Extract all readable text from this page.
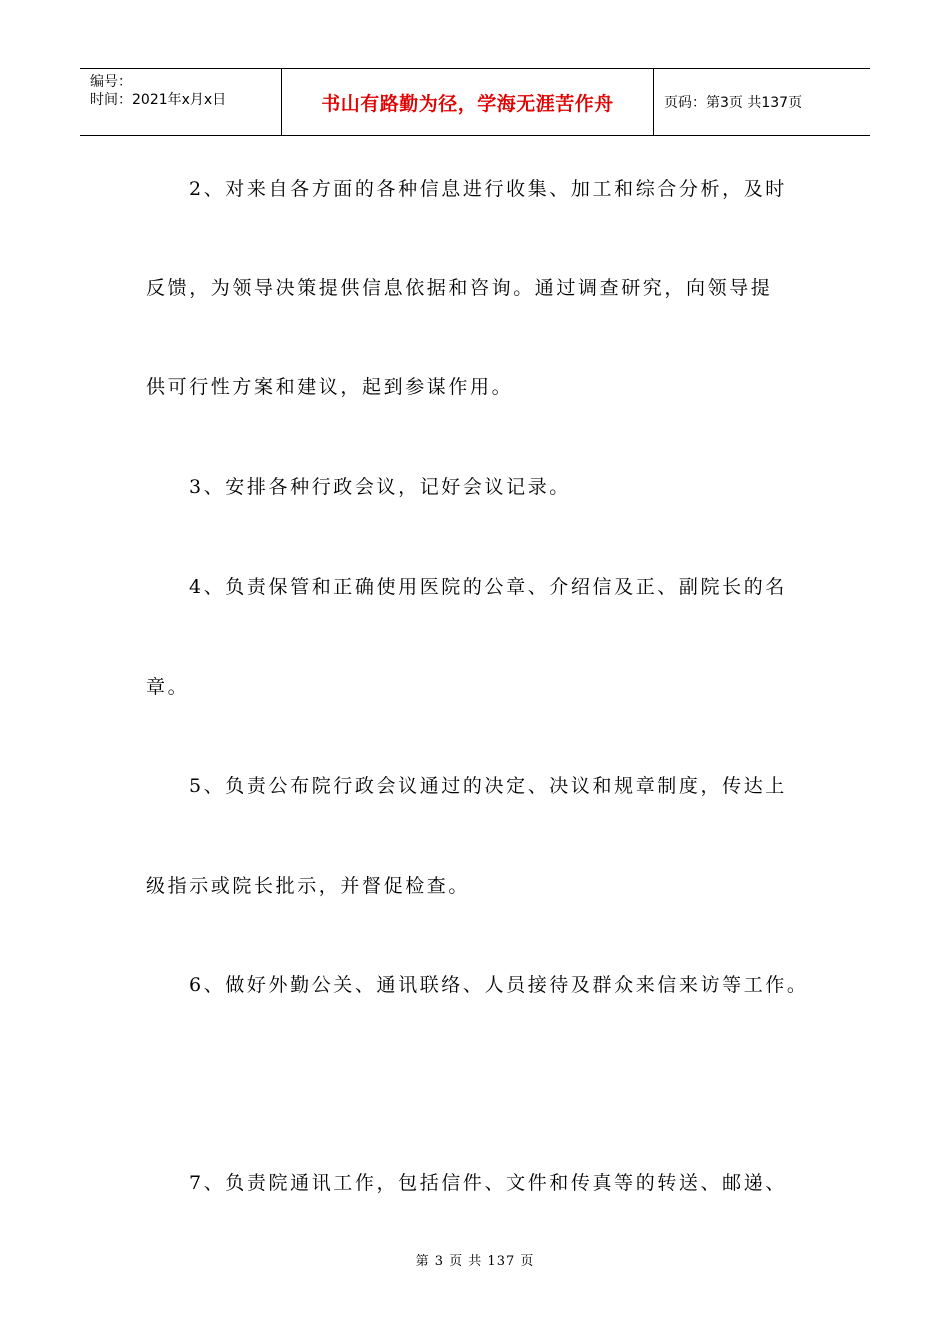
编号：
时间：2021年x月x日	书山有路勤为径，学海无涯苦作舟	页码：第3页 共137页

2、对来自各方面的各种信息进行收集、加工和综合分析，及时

反馈，为领导决策提供信息依据和咨询。通过调查研究，向领导提

供可行性方案和建议，起到参谋作用。

3、安排各种行政会议，记好会议记录。

4、负责保管和正确使用医院的公章、介绍信及正、副院长的名

章。

5、负责公布院行政会议通过的决定、决议和规章制度，传达上

级指示或院长批示，并督促检查。

6、做好外勤公关、通讯联络、人员接待及群众来信来访等工作。

7、负责院通讯工作，包括信件、文件和传真等的转送、邮递、

第 3 页 共 137 页
